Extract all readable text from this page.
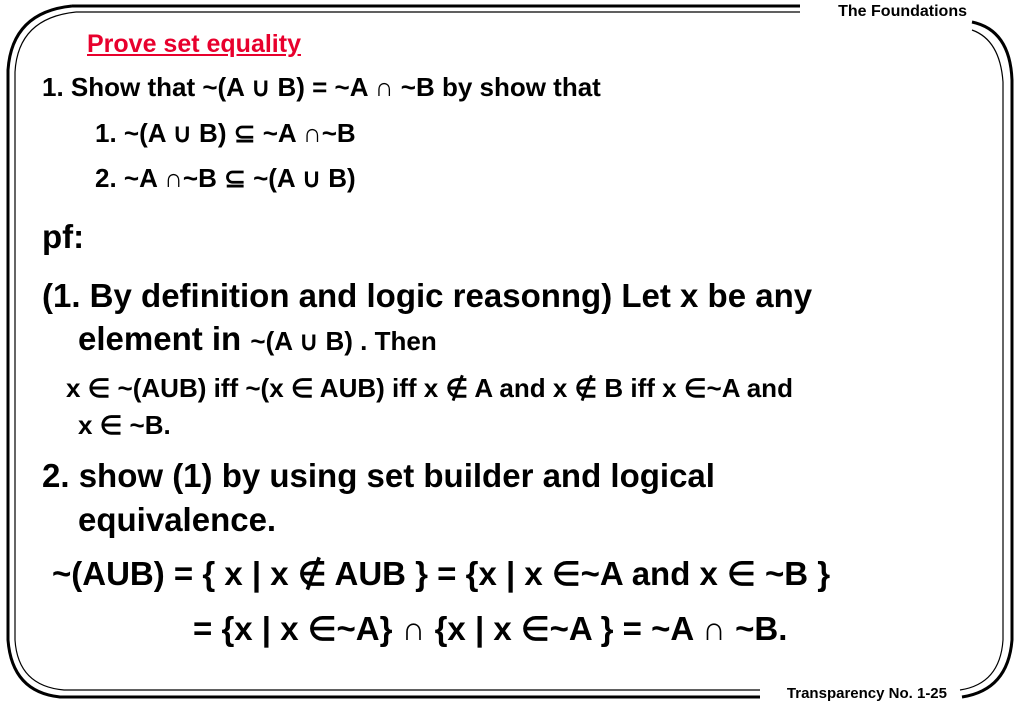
The Foundations
Transparency No. 1-25
Prove set equality
1. Show that ~(A ∪ B) = ~A ∩ ~B by show that
1. ~(A ∪ B) ⊆ ~A ∩~B
2. ~A ∩~B ⊆ ~(A ∪ B)
pf:
(1. By definition and logic reasonng) Let x be any
element in ~(A ∪ B) . Then
x ∈ ~(AUB) iff ~(x ∈ AUB) iff x ∉ A and x ∉ B iff x ∈~A and
x ∈ ~B.
2. show (1) by using set builder and logical
equivalence.
~(AUB) = { x | x ∉ AUB } = {x | x ∈~A and x ∈ ~B }
= {x | x ∈~A} ∩ {x | x ∈~A } = ~A ∩ ~B.
